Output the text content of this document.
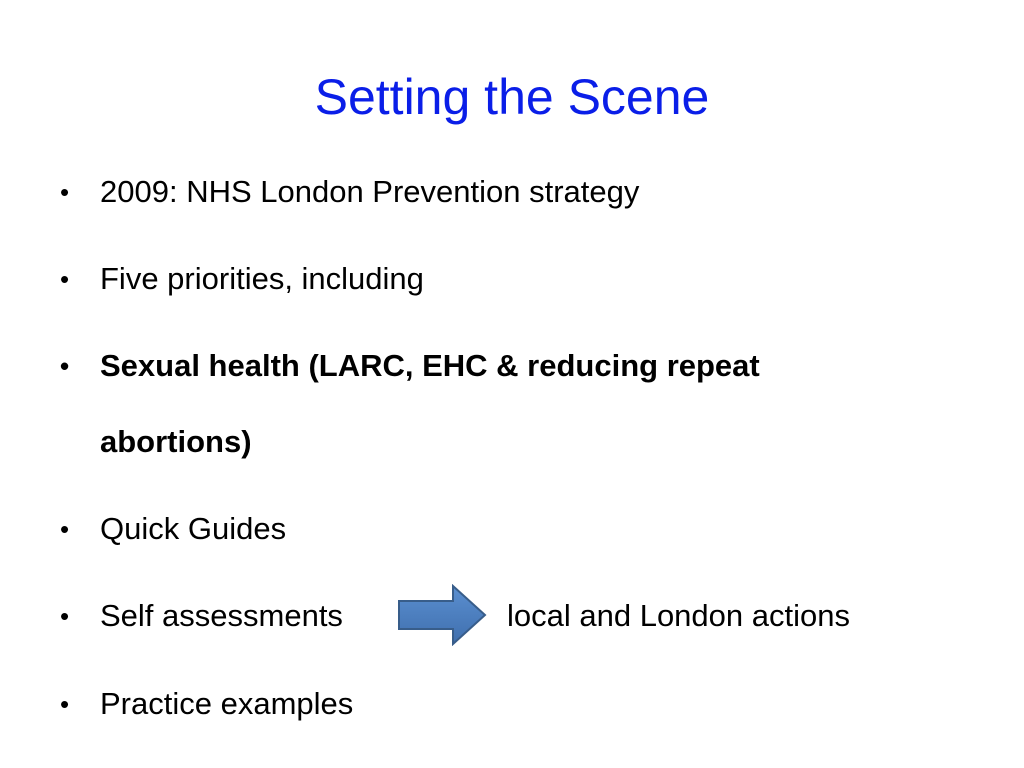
Setting the Scene
• 2009: NHS London Prevention strategy
• Five priorities, including
• Sexual health (LARC, EHC & reducing repeat abortions)
• Quick Guides
• Self assessments	local and London actions
• Practice examples
